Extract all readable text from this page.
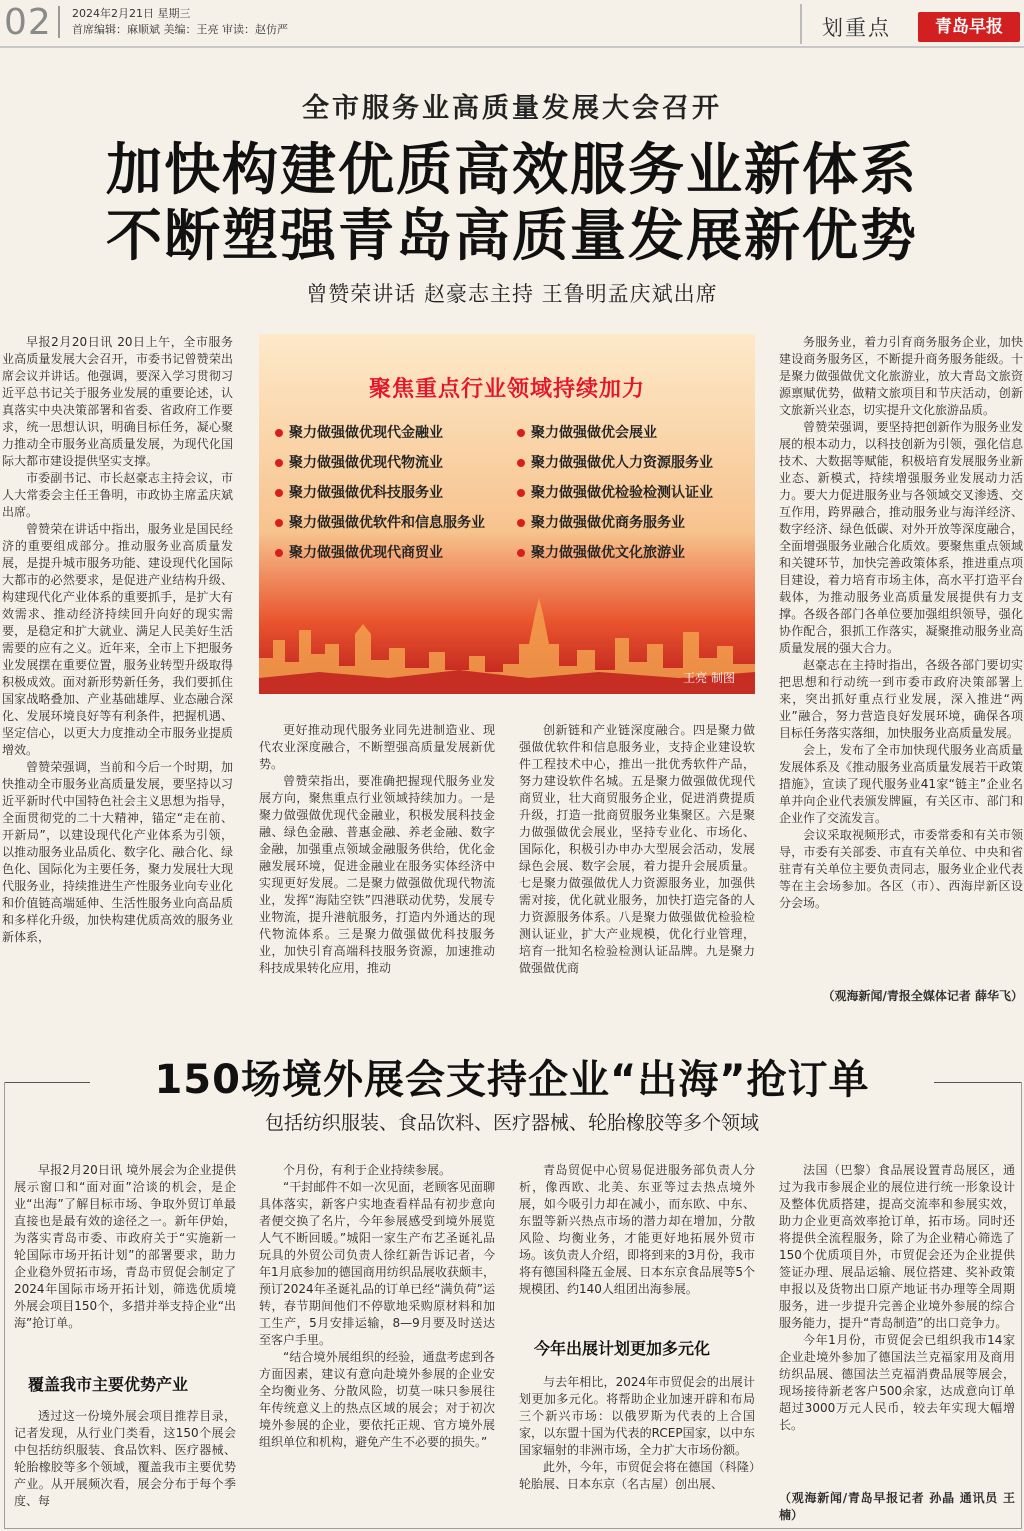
02 2024年2月21日 星期三
首席编辑：麻顺斌 美编：王亮 审读：赵仿严	划重点	青岛早报
全市服务业高质量发展大会召开
加快构建优质高效服务业新体系
不断塑强青岛高质量发展新优势
曾赞荣讲话 赵豪志主持 王鲁明孟庆斌出席

早报2月20日讯 20日上午，全市服务业高质量发展大会召开，市委书记曾赞荣出席会议并讲话。他强调，要深入学习贯彻习近平总书记关于服务业发展的重要论述，认真落实中央决策部署和省委、省政府工作要求，统一思想认识，明确目标任务，凝心聚力推动全市服务业高质量发展，为现代化国际大都市建设提供坚实支撑。

市委副书记、市长赵豪志主持会议，市人大常委会主任王鲁明，市政协主席孟庆斌出席。

曾赞荣在讲话中指出，服务业是国民经济的重要组成部分。推动服务业高质量发展，是提升城市服务功能、建设现代化国际大都市的必然要求，是促进产业结构升级、构建现代化产业体系的重要抓手，是扩大有效需求、推动经济持续回升向好的现实需要，是稳定和扩大就业、满足人民美好生活需要的应有之义。近年来，全市上下把服务业发展摆在重要位置，服务业转型升级取得积极成效。面对新形势新任务，我们要抓住国家战略叠加、产业基础雄厚、业态融合深化、发展环境良好等有利条件，把握机遇、坚定信心，以更大力度推动全市服务业提质增效。

曾赞荣强调，当前和今后一个时期，加快推动全市服务业高质量发展，要坚持以习近平新时代中国特色社会主义思想为指导，全面贯彻党的二十大精神，锚定“走在前、开新局”，以建设现代化产业体系为引领，以推动服务业品质化、数字化、融合化、绿色化、国际化为主要任务，聚力发展壮大现代服务业，持续推进生产性服务业向专业化和价值链高端延伸、生活性服务业向高品质和多样化升级，加快构建优质高效的服务业新体系，

聚焦重点行业领域持续加力
聚力做强做优现代金融业
聚力做强做优现代物流业
聚力做强做优科技服务业
聚力做强做优软件和信息服务业
聚力做强做优现代商贸业
聚力做强做优会展业
聚力做强做优人力资源服务业
聚力做强做优检验检测认证业
聚力做强做优商务服务业
聚力做强做优文化旅游业
王亮 制图

更好推动现代服务业同先进制造业、现代农业深度融合，不断塑强高质量发展新优势。

曾赞荣指出，要准确把握现代服务业发展方向，聚焦重点行业领域持续加力。一是聚力做强做优现代金融业，积极发展科技金融、绿色金融、普惠金融、养老金融、数字金融，加强重点领域金融服务供给，优化金融发展环境，促进金融业在服务实体经济中实现更好发展。二是聚力做强做优现代物流业，发挥“海陆空铁”四港联动优势，发展专业物流，提升港航服务，打造内外通达的现代物流体系。三是聚力做强做优科技服务业，加快引育高端科技服务资源，加速推动科技成果转化应用，推动

创新链和产业链深度融合。四是聚力做强做优软件和信息服务业，支持企业建设软件工程技术中心，推出一批优秀软件产品，努力建设软件名城。五是聚力做强做优现代商贸业，壮大商贸服务企业，促进消费提质升级，打造一批商贸服务业集聚区。六是聚力做强做优会展业，坚持专业化、市场化、国际化，积极引办申办大型展会活动，发展绿色会展、数字会展，着力提升会展质量。七是聚力做强做优人力资源服务业，加强供需对接，优化就业服务，加快打造完备的人力资源服务体系。八是聚力做强做优检验检测认证业，扩大产业规模，优化行业管理，培育一批知名检验检测认证品牌。九是聚力做强做优商

务服务业，着力引育商务服务企业，加快建设商务服务区，不断提升商务服务能级。十是聚力做强做优文化旅游业，放大青岛文旅资源禀赋优势，做精文旅项目和节庆活动，创新文旅新兴业态，切实提升文化旅游品质。

曾赞荣强调，要坚持把创新作为服务业发展的根本动力，以科技创新为引领，强化信息技术、大数据等赋能，积极培育发展服务业新业态、新模式，持续增强服务业发展动力活力。要大力促进服务业与各领域交叉渗透、交互作用，跨界融合，推动服务业与海洋经济、数字经济、绿色低碳、对外开放等深度融合，全面增强服务业融合化质效。要聚焦重点领域和关键环节，加快完善政策体系，推进重点项目建设，着力培育市场主体，高水平打造平台载体，为推动服务业高质量发展提供有力支撑。各级各部门各单位要加强组织领导，强化协作配合，狠抓工作落实，凝聚推动服务业高质量发展的强大合力。

赵豪志在主持时指出，各级各部门要切实把思想和行动统一到市委市政府决策部署上来，突出抓好重点行业发展，深入推进“两业”融合，努力营造良好发展环境，确保各项目标任务落实落细，加快服务业高质量发展。

会上，发布了全市加快现代服务业高质量发展体系及《推动服务业高质量发展若干政策措施》，宣读了现代服务业41家“链主”企业名单并向企业代表颁发牌匾，有关区市、部门和企业作了交流发言。

会议采取视频形式，市委常委和有关市领导，市委有关部委、市直有关单位、中央和省驻青有关单位主要负责同志，服务业企业代表等在主会场参加。各区（市）、西海岸新区设分会场。

（观海新闻/青报全媒体记者 薛华飞）
150场境外展会支持企业“出海”抢订单
包括纺织服装、食品饮料、医疗器械、轮胎橡胶等多个领域

早报2月20日讯 境外展会为企业提供展示窗口和“面对面”洽谈的机会，是企业“出海”了解目标市场、争取外贸订单最直接也是最有效的途径之一。新年伊始，为落实青岛市委、市政府关于“实施新一轮国际市场开拓计划”的部署要求，助力企业稳外贸拓市场，青岛市贸促会制定了2024年国际市场开拓计划，筛选优质境外展会项目150个，多措并举支持企业“出海”抢订单。

覆盖我市主要优势产业

透过这一份境外展会项目推荐目录，记者发现，从行业门类看，这150个展会中包括纺织服装、食品饮料、医疗器械、轮胎橡胶等多个领域，覆盖我市主要优势产业。从开展频次看，展会分布于每个季度、每

个月份，有利于企业持续参展。

“干封邮件不如一次见面，老顾客见面聊具体落实，新客户实地查看样品有初步意向者便交换了名片，今年参展感受到境外展览人气不断回暖。”城阳一家生产布艺圣诞礼品玩具的外贸公司负责人徐红新告诉记者，今年1月底参加的德国商用纺织品展收获颇丰，预订2024年圣诞礼品的订单已经“满负荷”运转，春节期间他们不停歇地采购原材料和加工生产，5月安排运输，8—9月要及时送达至客户手里。

“结合境外展组织的经验，通盘考虑到各方面因素，建议有意向赴境外参展的企业安全均衡业务、分散风险，切莫一味只参展往年传统意义上的热点区域的展会；对于初次境外参展的企业，要依托正规、官方境外展组织单位和机构，避免产生不必要的损失。”

青岛贸促中心贸易促进服务部负责人分析，像西欧、北美、东亚等过去热点境外展，如今吸引力却在减小，而东欧、中东、东盟等新兴热点市场的潜力却在增加，分散风险、均衡业务，才能更好地拓展外贸市场。该负责人介绍，即将到来的3月份，我市将有德国科隆五金展、日本东京食品展等5个规模团、约140人组团出海参展。

今年出展计划更加多元化

与去年相比，2024年市贸促会的出展计划更加多元化。将帮助企业加速开辟和布局三个新兴市场：以俄罗斯为代表的上合国家，以东盟十国为代表的RCEP国家，以中东国家辐射的非洲市场，全力扩大市场份额。

此外，今年，市贸促会将在德国（科隆）轮胎展、日本东京（名古屋）创出展、

法国（巴黎）食品展设置青岛展区，通过为我市参展企业的展位进行统一形象设计及整体优质搭建，提高交流率和参展实效，助力企业更高效率抢订单，拓市场。同时还将提供全流程服务，除了为企业精心筛选了150个优质项目外，市贸促会还为企业提供签证办理、展品运输、展位搭建、奖补政策申报以及货物出口原产地证书办理等全周期服务，进一步提升完善企业境外参展的综合服务能力，提升“青岛制造”的出口竞争力。

今年1月份，市贸促会已组织我市14家企业赴境外参加了德国法兰克福家用及商用纺织品展、德国法兰克福消费品展等展会，现场接待新老客户500余家，达成意向订单超过3000万元人民币，较去年实现大幅增长。

（观海新闻/青岛早报记者 孙晶 通讯员 王楠）
